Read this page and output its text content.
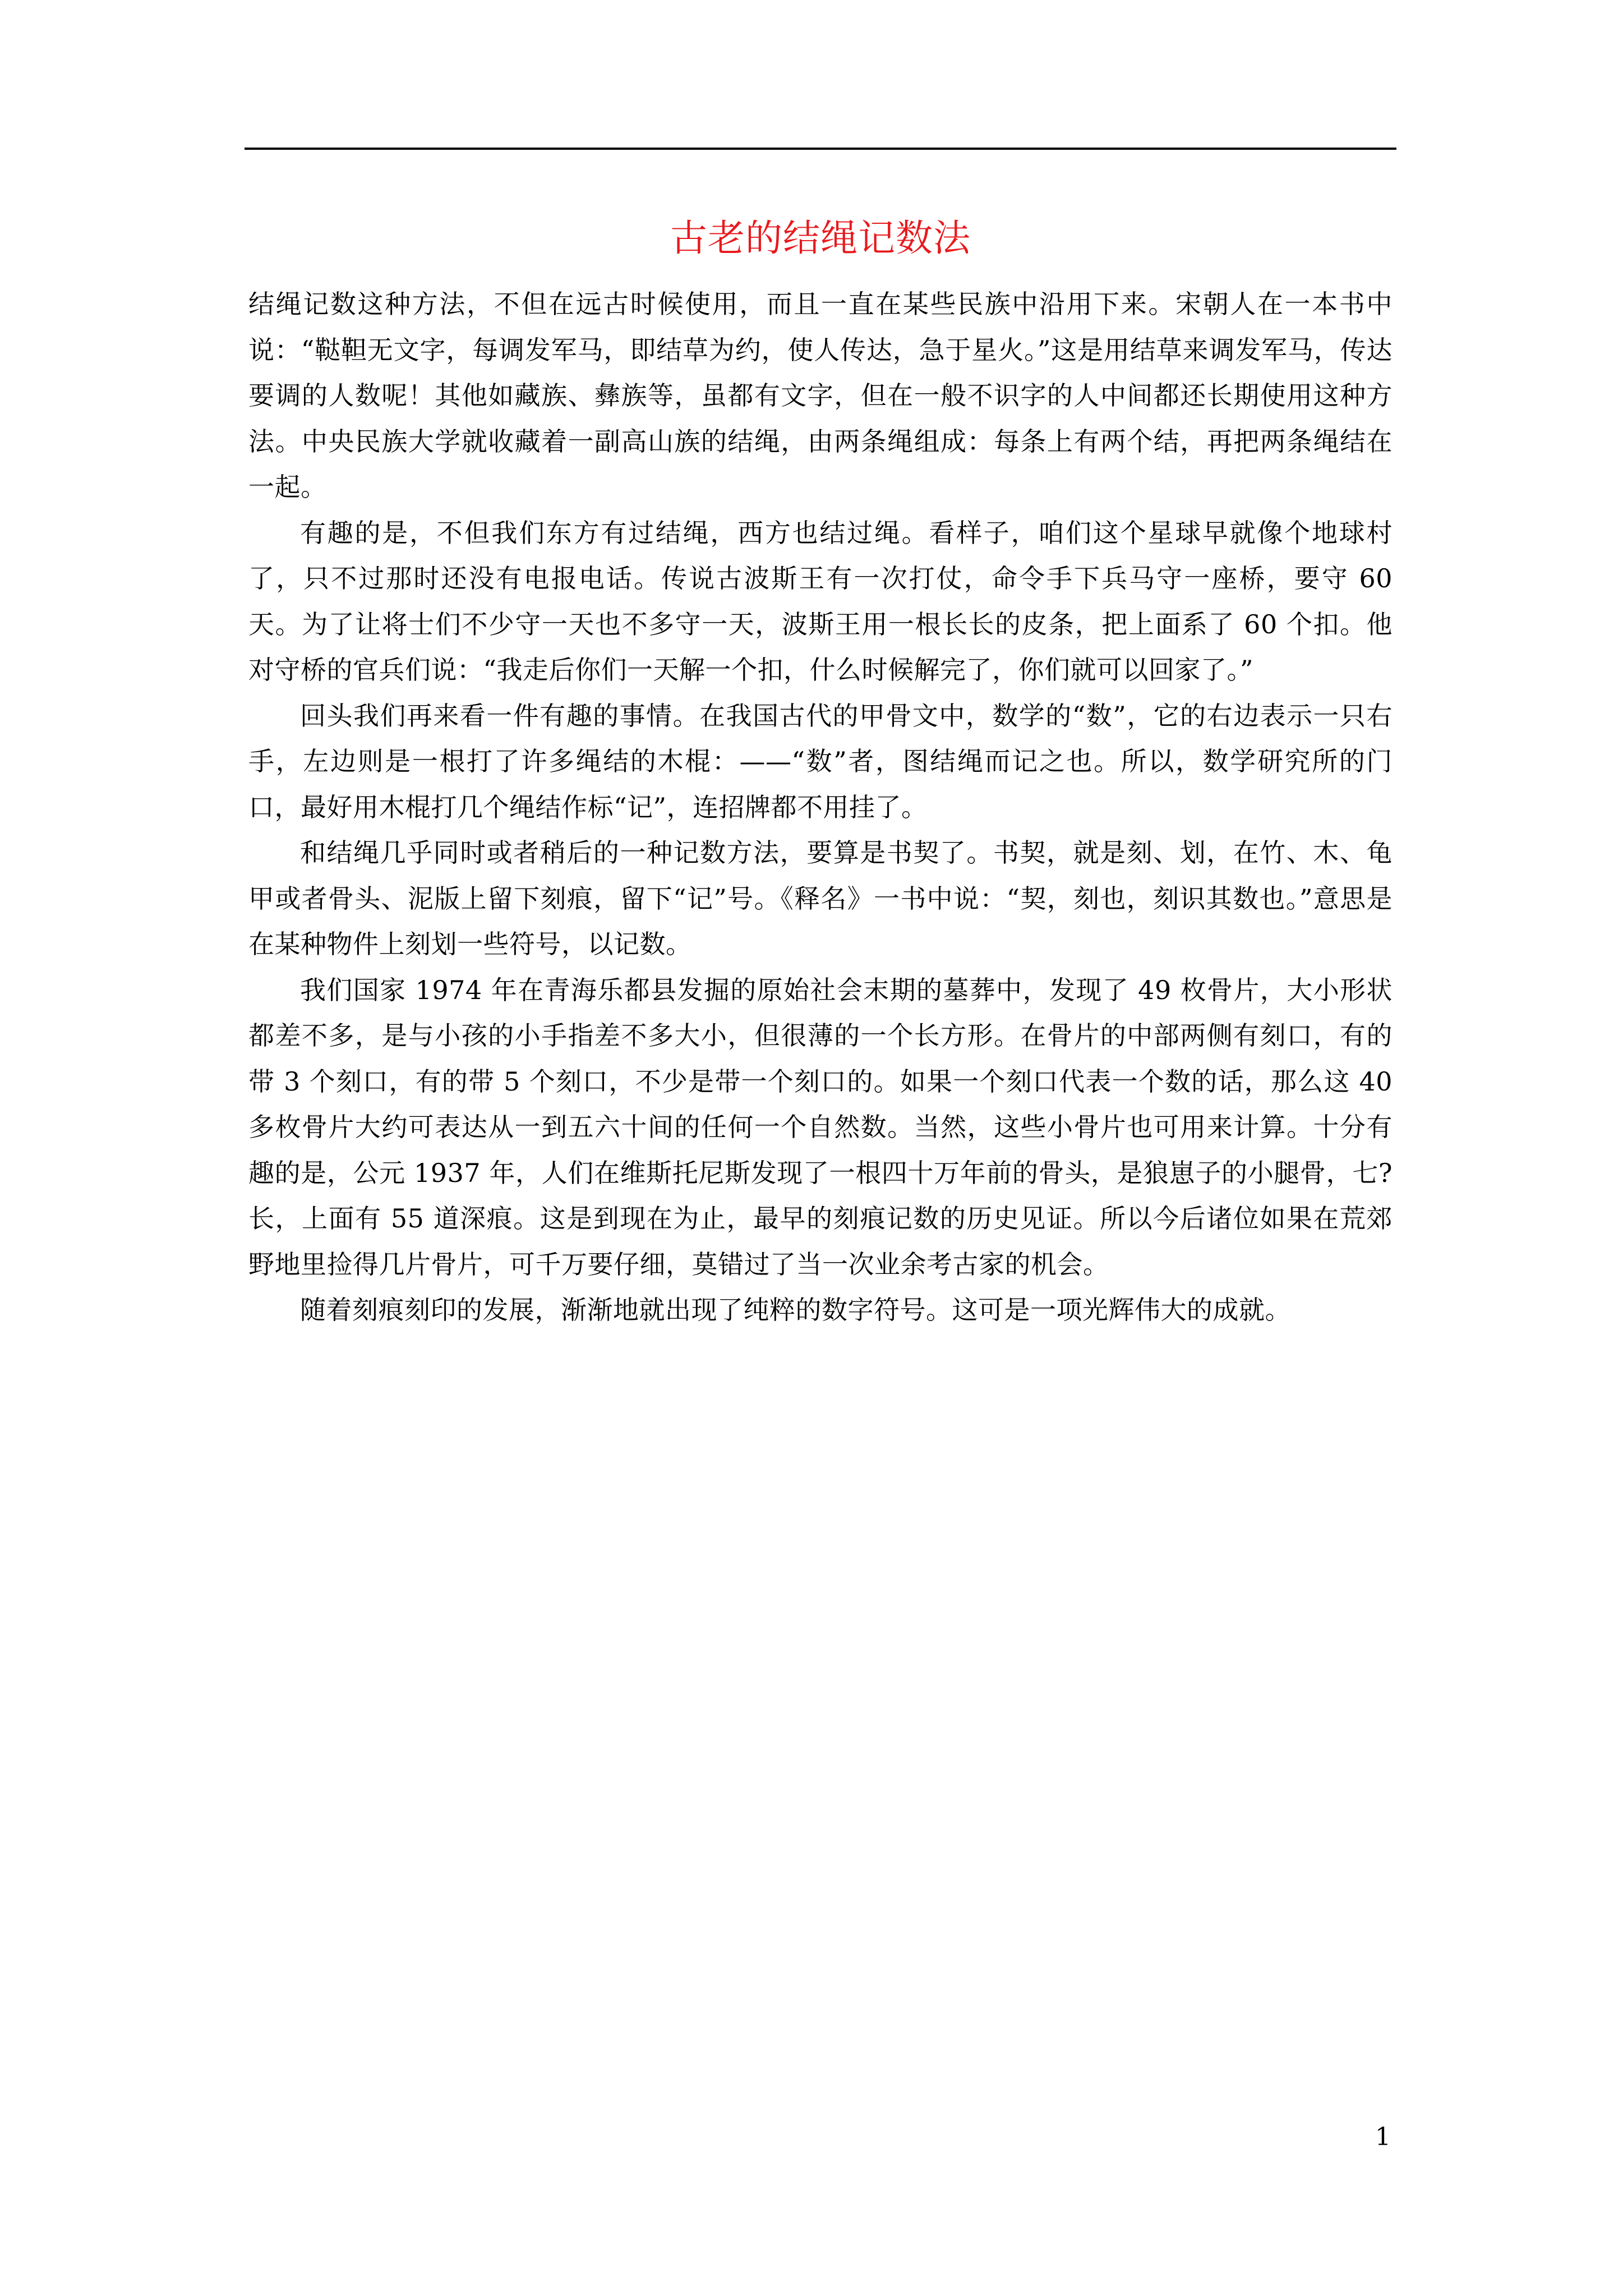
古老的结绳记数法

结绳记数这种方法，不但在远古时候使用，而且一直在某些民族中沿用下来。宋朝人在一本书中说：“鞑靼无文字，每调发军马，即结草为约，使人传达，急于星火。”这是用结草来调发军马，传达要调的人数呢！其他如藏族、彝族等，虽都有文字，但在一般不识字的人中间都还长期使用这种方法。中央民族大学就收藏着一副高山族的结绳，由两条绳组成：每条上有两个结，再把两条绳结在一起。

有趣的是，不但我们东方有过结绳，西方也结过绳。看样子，咱们这个星球早就像个地球村了，只不过那时还没有电报电话。传说古波斯王有一次打仗，命令手下兵马守一座桥，要守 60 天。为了让将士们不少守一天也不多守一天，波斯王用一根长长的皮条，把上面系了 60 个扣。他对守桥的官兵们说：“我走后你们一天解一个扣，什么时候解完了，你们就可以回家了。”

回头我们再来看一件有趣的事情。在我国古代的甲骨文中，数学的“数”，它的右边表示一只右手，左边则是一根打了许多绳结的木棍：——“数”者，图结绳而记之也。所以，数学研究所的门口，最好用木棍打几个绳结作标“记”，连招牌都不用挂了。

和结绳几乎同时或者稍后的一种记数方法，要算是书契了。书契，就是刻、划，在竹、木、龟甲或者骨头、泥版上留下刻痕，留下“记”号。《释名》一书中说：“契，刻也，刻识其数也。”意思是在某种物件上刻划一些符号，以记数。

我们国家 1974 年在青海乐都县发掘的原始社会末期的墓葬中，发现了 49 枚骨片，大小形状都差不多，是与小孩的小手指差不多大小，但很薄的一个长方形。在骨片的中部两侧有刻口，有的带 3 个刻口，有的带 5 个刻口，不少是带一个刻口的。如果一个刻口代表一个数的话，那么这 40 多枚骨片大约可表达从一到五六十间的任何一个自然数。当然，这些小骨片也可用来计算。十分有趣的是，公元 1937 年，人们在维斯托尼斯发现了一根四十万年前的骨头，是狼崽子的小腿骨，七?长，上面有 55 道深痕。这是到现在为止，最早的刻痕记数的历史见证。所以今后诸位如果在荒郊野地里捡得几片骨片，可千万要仔细，莫错过了当一次业余考古家的机会。

随着刻痕刻印的发展，渐渐地就出现了纯粹的数字符号。这可是一项光辉伟大的成就。

1
